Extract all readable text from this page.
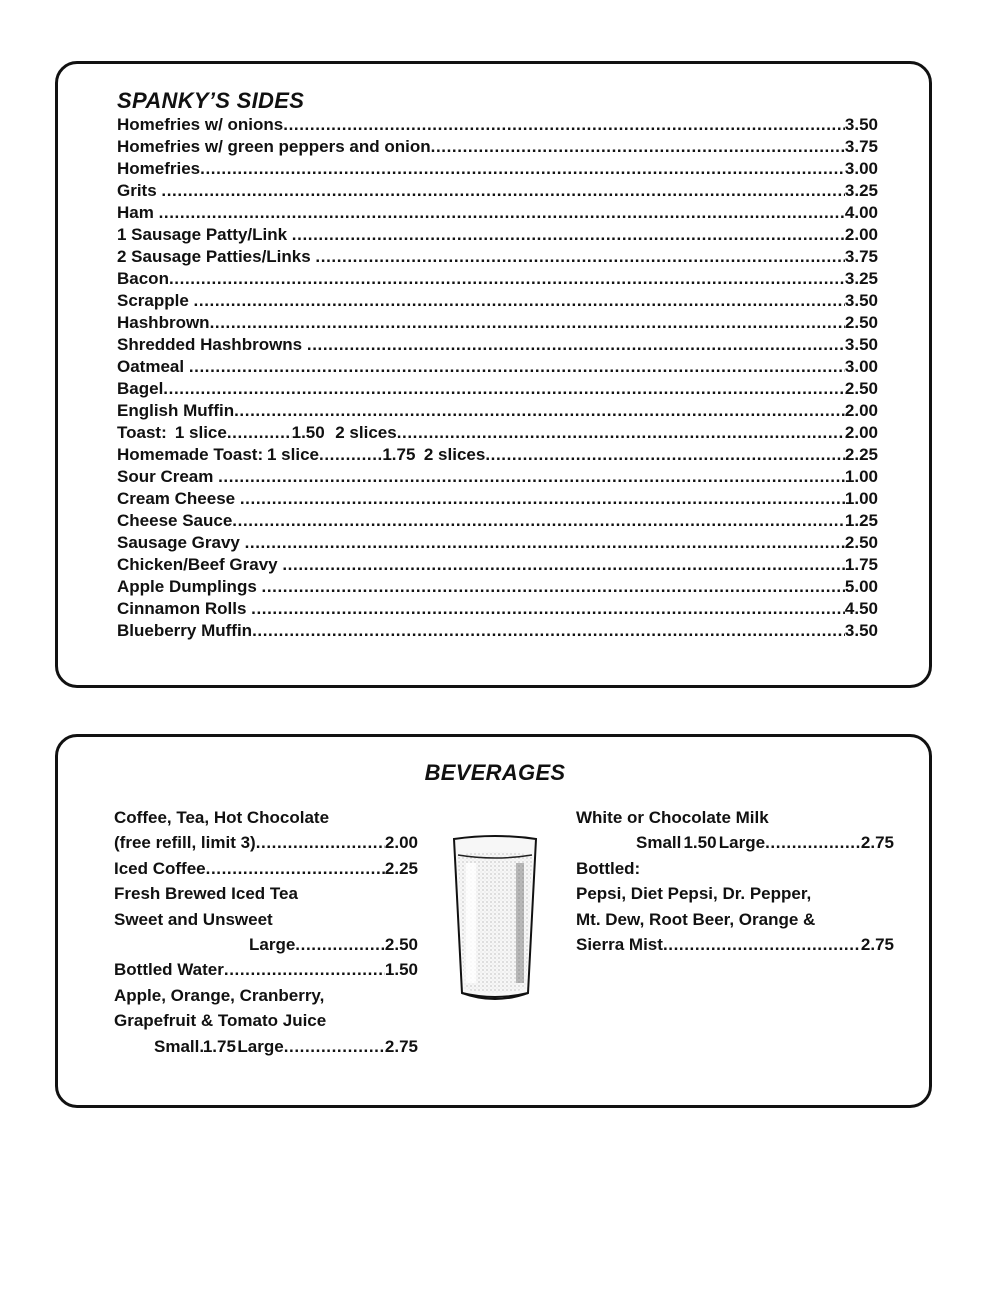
SPANKY’S SIDES
Homefries w/ onions .....	3.50
Homefries w/ green peppers and onion .....	3.75
Homefries .....	3.00
Grits .....	3.25
Ham .....	4.00
1 Sausage Patty/Link .....	2.00
2 Sausage Patties/Links .....	3.75
Bacon .....	3.25
Scrapple .....	3.50
Hashbrown .....	2.50
Shredded Hashbrowns .....	3.50
Oatmeal .....	3.00
Bagel .....	2.50
English Muffin .....	2.00
Toast: 1 slice .....	1.50 2 slices .....	2.00
Homemade Toast: 1 slice .....	1.75 2 slices .....	2.25
Sour Cream .....	1.00
Cream Cheese .....	1.00
Cheese Sauce .....	1.25
Sausage Gravy .....	2.50
Chicken/Beef Gravy .....	1.75
Apple Dumplings .....	5.00
Cinnamon Rolls .....	4.50
Blueberry Muffin .....	3.50
BEVERAGES
Coffee, Tea, Hot Chocolate
(free refill, limit 3) .....	2.00
Iced Coffee .....	2.25
Fresh Brewed Iced Tea
Sweet and Unsweet
Large .....	2.50
Bottled Water .....	1.50
Apple, Orange, Cranberry,
Grapefruit & Tomato Juice
Small ..... 1.75 Large .....	2.75
White or Chocolate Milk
Small ..... 1.50 Large .....	2.75
Bottled:
Pepsi, Diet Pepsi, Dr. Pepper,
Mt. Dew, Root Beer, Orange &
Sierra Mist .....	2.75
